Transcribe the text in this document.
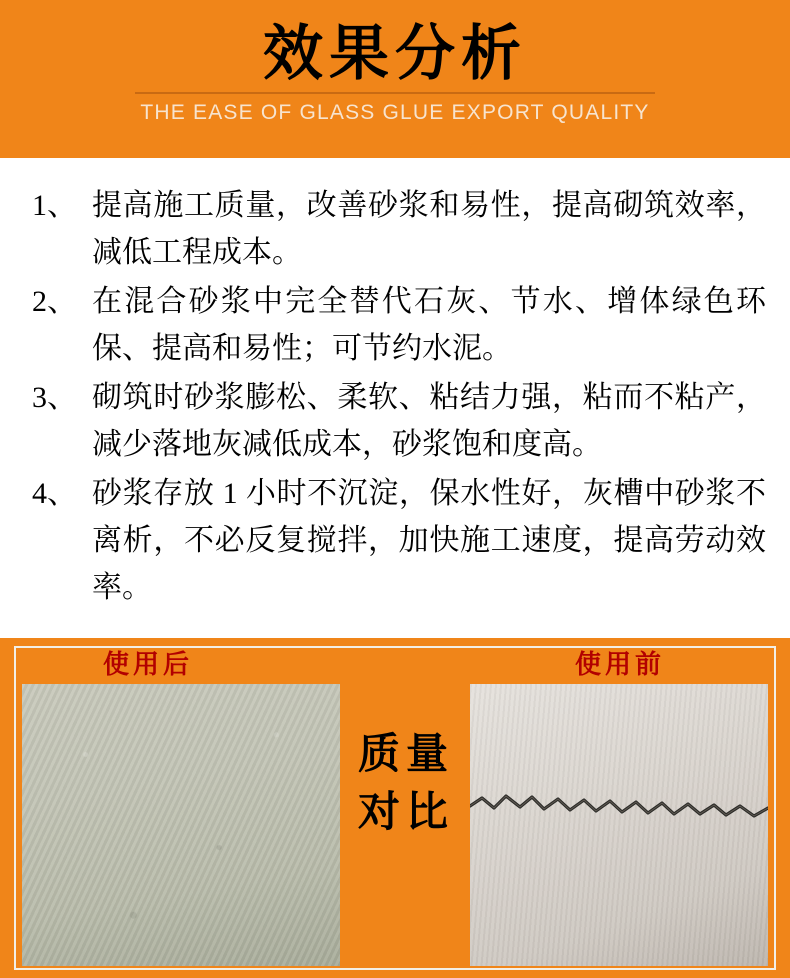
效果分析
THE EASE OF GLASS GLUE EXPORT QUALITY
1、 提高施工质量，改善砂浆和易性，提高砌筑效率，减低工程成本。
2、 在混合砂浆中完全替代石灰、节水、增体绿色环保、提高和易性；可节约水泥。
3、 砌筑时砂浆膨松、柔软、粘结力强，粘而不粘产，减少落地灰减低成本，砂浆饱和度高。
4、 砂浆存放 1 小时不沉淀，保水性好，灰槽中砂浆不离析，不必反复搅拌，加快施工速度，提高劳动效率。
使用后	使用前
质量
对比
